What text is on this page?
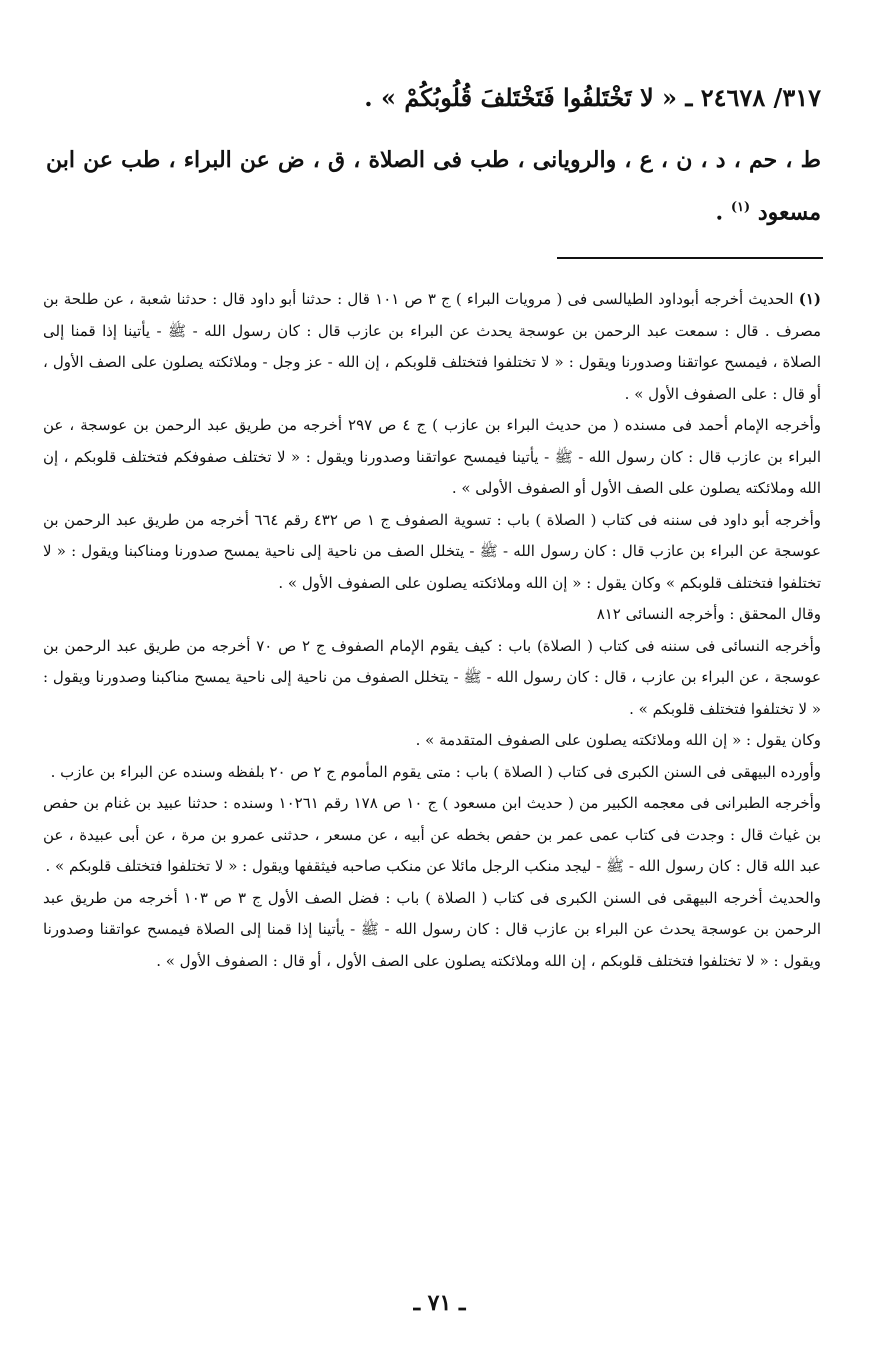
٣١٧/ ٢٤٦٧٨ ـ « لا تَخْتَلفُوا فَتَخْتَلفَ قُلُوبُكُمْ » .

ط ، حم ، د ، ن ، ع ، والرويانى ، طب فى الصلاة ، ق ، ض عن البراء ، طب عن ابن مسعود $^{(١)}$ .

(١) الحديث أخرجه أبوداود الطيالسى فى ( مرويات البراء ) ج ٣ ص ١٠١ قال : حدثنا أبو داود قال : حدثنا شعبة ، عن طلحة بن مصرف . قال : سمعت عبد الرحمن بن عوسجة يحدث عن البراء بن عازب قال : كان رسول الله - ﷺ - يأتينا إذا قمنا إلى الصلاة ، فيمسح عواتقنا وصدورنا ويقول : « لا تختلفوا فتختلف قلوبكم ، إن الله - عز وجل - وملائكته يصلون على الصف الأول ، أو قال : على الصفوف الأول » .

وأخرجه الإمام أحمد فى مسنده ( من حديث البراء بن عازب ) ج ٤ ص ٢٩٧ أخرجه من طريق عبد الرحمن بن عوسجة ، عن البراء بن عازب قال : كان رسول الله - ﷺ - يأتينا فيمسح عواتقنا وصدورنا ويقول : « لا تختلف صفوفكم فتختلف قلوبكم ، إن الله وملائكته يصلون على الصف الأول أو الصفوف الأولى » .

وأخرجه أبو داود فى سننه فى كتاب ( الصلاة ) باب : تسوية الصفوف ج ١ ص ٤٣٢ رقم ٦٦٤ أخرجه من طريق عبد الرحمن بن عوسجة عن البراء بن عازب قال : كان رسول الله - ﷺ - يتخلل الصف من ناحية إلى ناحية يمسح صدورنا ومناكبنا ويقول : « لا تختلفوا فتختلف قلوبكم » وكان يقول : « إن الله وملائكته يصلون على الصفوف الأول » .

وقال المحقق : وأخرجه النسائى ٨١٢

وأخرجه النسائى فى سننه فى كتاب ( الصلاة) باب : كيف يقوم الإمام الصفوف ج ٢ ص ٧٠ أخرجه من طريق عبد الرحمن بن عوسجة ، عن البراء بن عازب ، قال : كان رسول الله - ﷺ - يتخلل الصفوف من ناحية إلى ناحية يمسح مناكبنا وصدورنا ويقول : « لا تختلفوا فتختلف قلوبكم » .

وكان يقول : « إن الله وملائكته يصلون على الصفوف المتقدمة » .

وأورده البيهقى فى السنن الكبرى فى كتاب ( الصلاة ) باب : متى يقوم المأموم ج ٢ ص ٢٠ بلفظه وسنده عن البراء بن عازب .

وأخرجه الطبرانى فى معجمه الكبير من ( حديث ابن مسعود ) ج ١٠ ص ١٧٨ رقم ١٠٢٦١ وسنده : حدثنا عبيد بن غنام بن حفص بن غياث قال : وجدت فى كتاب عمى عمر بن حفص بخطه عن أبيه ، عن مسعر ، حدثنى عمرو بن مرة ، عن أبى عبيدة ، عن عبد الله قال : كان رسول الله - ﷺ - ليجد منكب الرجل مائلا عن منكب صاحبه فيثقفها ويقول : « لا تختلفوا فتختلف قلوبكم » .

والحديث أخرجه البيهقى فى السنن الكبرى فى كتاب ( الصلاة ) باب : فضل الصف الأول ج ٣ ص ١٠٣ أخرجه من طريق عبد الرحمن بن عوسجة يحدث عن البراء بن عازب قال : كان رسول الله - ﷺ - يأتينا إذا قمنا إلى الصلاة فيمسح عواتقنا وصدورنا ويقول : « لا تختلفوا فتختلف قلوبكم ، إن الله وملائكته يصلون على الصف الأول ، أو قال : الصفوف الأول » .

ـ ٧١ ـ
